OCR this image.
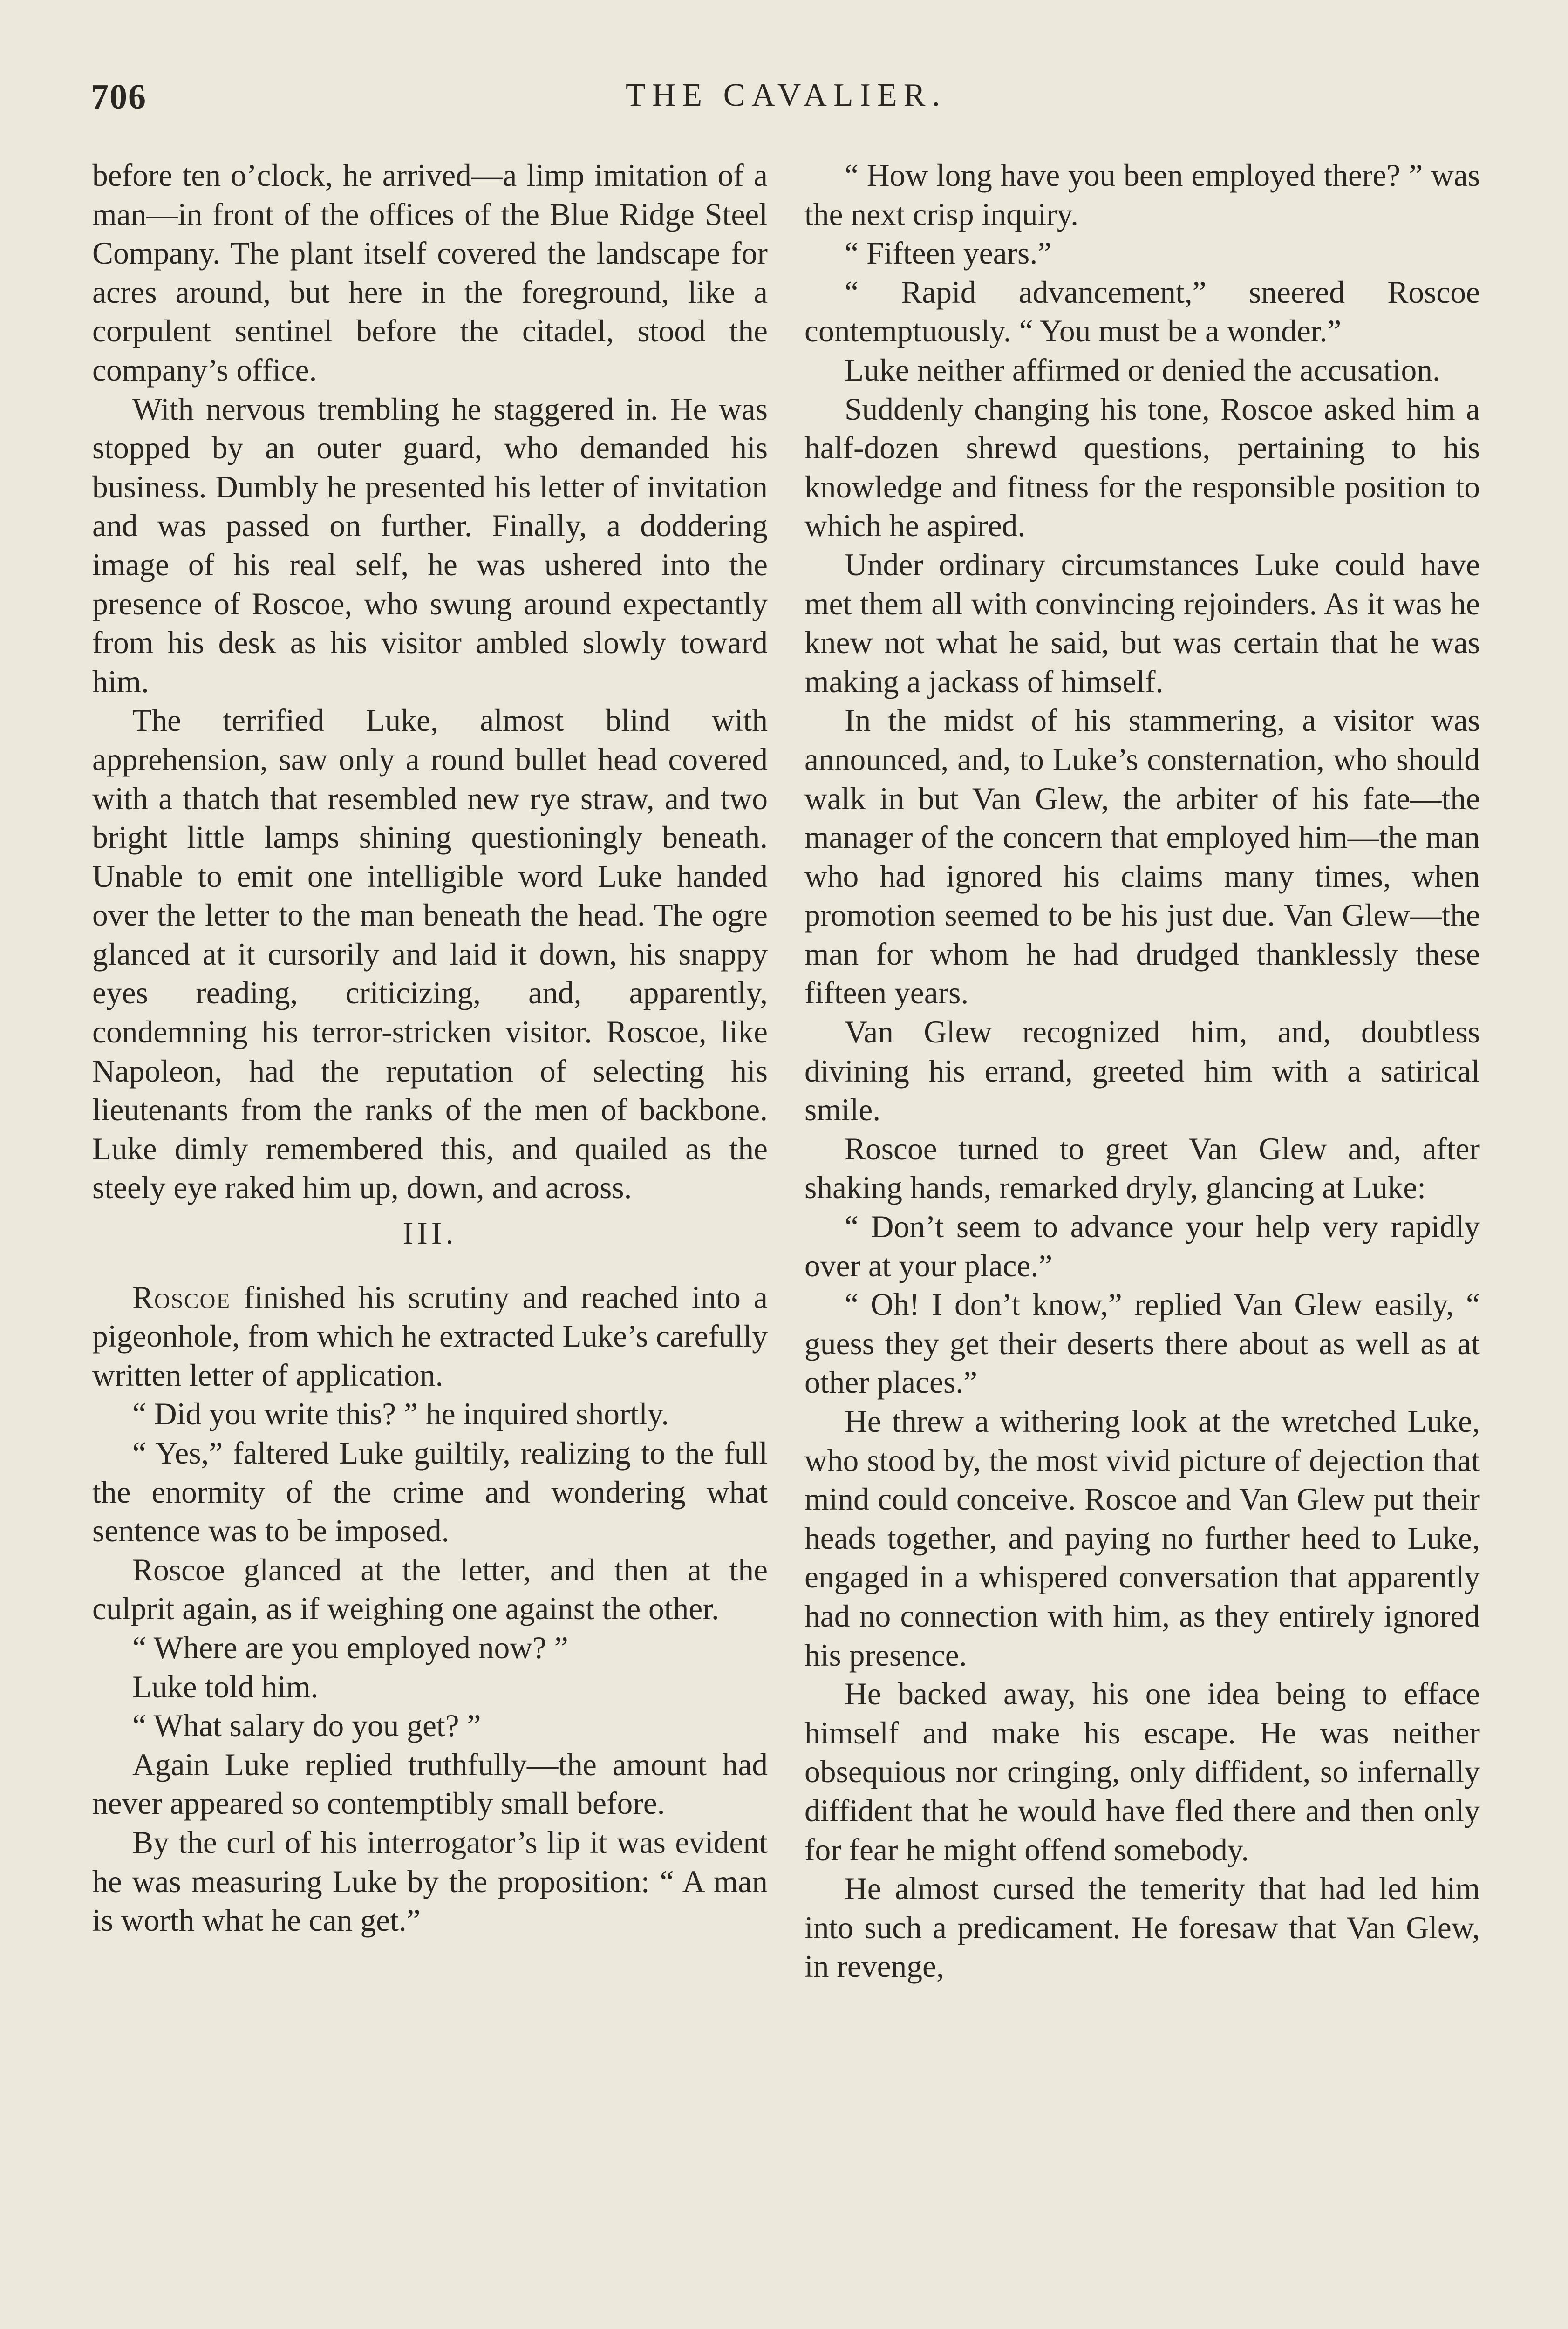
706	THE CAVALIER.

before ten o’clock, he arrived—a limp imitation of a man—in front of the offices of the Blue Ridge Steel Company. The plant itself covered the landscape for acres around, but here in the foreground, like a corpulent sentinel before the citadel, stood the company’s office.

With nervous trembling he staggered in. He was stopped by an outer guard, who demanded his business. Dumbly he presented his letter of invitation and was passed on further. Finally, a doddering image of his real self, he was ushered into the presence of Roscoe, who swung around expectantly from his desk as his visitor ambled slowly toward him.

The terrified Luke, almost blind with apprehension, saw only a round bullet head covered with a thatch that resembled new rye straw, and two bright little lamps shining questioningly beneath. Unable to emit one intelligible word Luke handed over the letter to the man beneath the head. The ogre glanced at it cursorily and laid it down, his snappy eyes reading, criticizing, and, apparently, condemning his terror-stricken visitor. Roscoe, like Napoleon, had the reputation of selecting his lieutenants from the ranks of the men of backbone. Luke dimly remembered this, and quailed as the steely eye raked him up, down, and across.

III.

Roscoe finished his scrutiny and reached into a pigeonhole, from which he extracted Luke’s carefully written letter of application.

“ Did you write this? ” he inquired shortly.

“ Yes,” faltered Luke guiltily, realizing to the full the enormity of the crime and wondering what sentence was to be imposed.

Roscoe glanced at the letter, and then at the culprit again, as if weighing one against the other.

“ Where are you employed now? ”

Luke told him.

“ What salary do you get? ”

Again Luke replied truthfully—the amount had never appeared so contemptibly small before.

By the curl of his interrogator’s lip it was evident he was measuring Luke by the proposition: “ A man is worth what he can get.”

“ How long have you been employed there? ” was the next crisp inquiry.

“ Fifteen years.”

“ Rapid advancement,” sneered Roscoe contemptuously. “ You must be a wonder.”

Luke neither affirmed or denied the accusation.

Suddenly changing his tone, Roscoe asked him a half-dozen shrewd questions, pertaining to his knowledge and fitness for the responsible position to which he aspired.

Under ordinary circumstances Luke could have met them all with convincing rejoinders. As it was he knew not what he said, but was certain that he was making a jackass of himself.

In the midst of his stammering, a visitor was announced, and, to Luke’s consternation, who should walk in but Van Glew, the arbiter of his fate—the manager of the concern that employed him—the man who had ignored his claims many times, when promotion seemed to be his just due. Van Glew—the man for whom he had drudged thanklessly these fifteen years.

Van Glew recognized him, and, doubtless divining his errand, greeted him with a satirical smile.

Roscoe turned to greet Van Glew and, after shaking hands, remarked dryly, glancing at Luke:

“ Don’t seem to advance your help very rapidly over at your place.”

“ Oh! I don’t know,” replied Van Glew easily, “ guess they get their deserts there about as well as at other places.”

He threw a withering look at the wretched Luke, who stood by, the most vivid picture of dejection that mind could conceive. Roscoe and Van Glew put their heads together, and paying no further heed to Luke, engaged in a whispered conversation that apparently had no connection with him, as they entirely ignored his presence.

He backed away, his one idea being to efface himself and make his escape. He was neither obsequious nor cringing, only diffident, so infernally diffident that he would have fled there and then only for fear he might offend somebody.

He almost cursed the temerity that had led him into such a predicament. He foresaw that Van Glew, in revenge,
